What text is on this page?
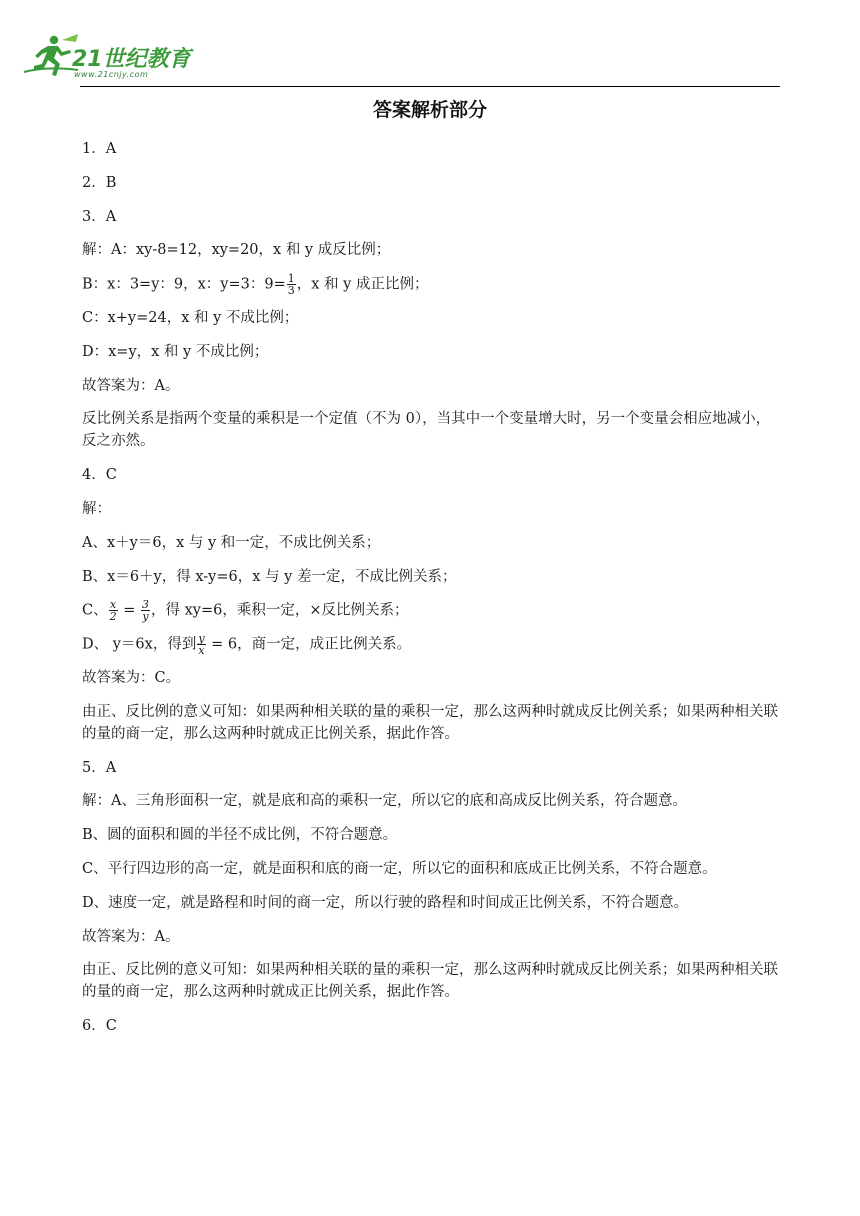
21世纪教育
www.21cnjy.com
答案解析部分
1．A
2．B
3．A
解：A：xy-8=12，xy=20，x 和 y 成反比例；
B：x：3=y：9，x：y=3：$9= \frac{1}{3}$ ，x 和 y 成正比例；
C：x+y=24，x 和 y 不成比例；
D：x=y，x 和 y 不成比例；
故答案为：A。
反比例关系是指两个变量的乘积是一个定值（不为 0），当其中一个变量增大时，另一个变量会相应地减小，反之亦然。
4．C
解：
A、x＋y＝6，x 与 y 和一定，不成比例关系；
B、x＝6＋y，得 x-y=6，x 与 y 差一定，不成比例关系；
C、 $\frac{x}{2} = \frac{3}{y}$ ，得 xy=6，乘积一定，×反比例关系；
D、 y＝6x，得到 $\frac{y}{x} = 6$，商一定，成正比例关系。
故答案为：C。
由正、反比例的意义可知：如果两种相关联的量的乘积一定，那么这两种时就成反比例关系；如果两种相关联的量的商一定，那么这两种时就成正比例关系，据此作答。
5．A
解：A、三角形面积一定，就是底和高的乘积一定，所以它的底和高成反比例关系，符合题意。
B、圆的面积和圆的半径不成比例，不符合题意。
C、平行四边形的高一定，就是面积和底的商一定，所以它的面积和底成正比例关系，不符合题意。
D、速度一定，就是路程和时间的商一定，所以行驶的路程和时间成正比例关系，不符合题意。
故答案为：A。
由正、反比例的意义可知：如果两种相关联的量的乘积一定，那么这两种时就成反比例关系；如果两种相关联的量的商一定，那么这两种时就成正比例关系，据此作答。
6．C
